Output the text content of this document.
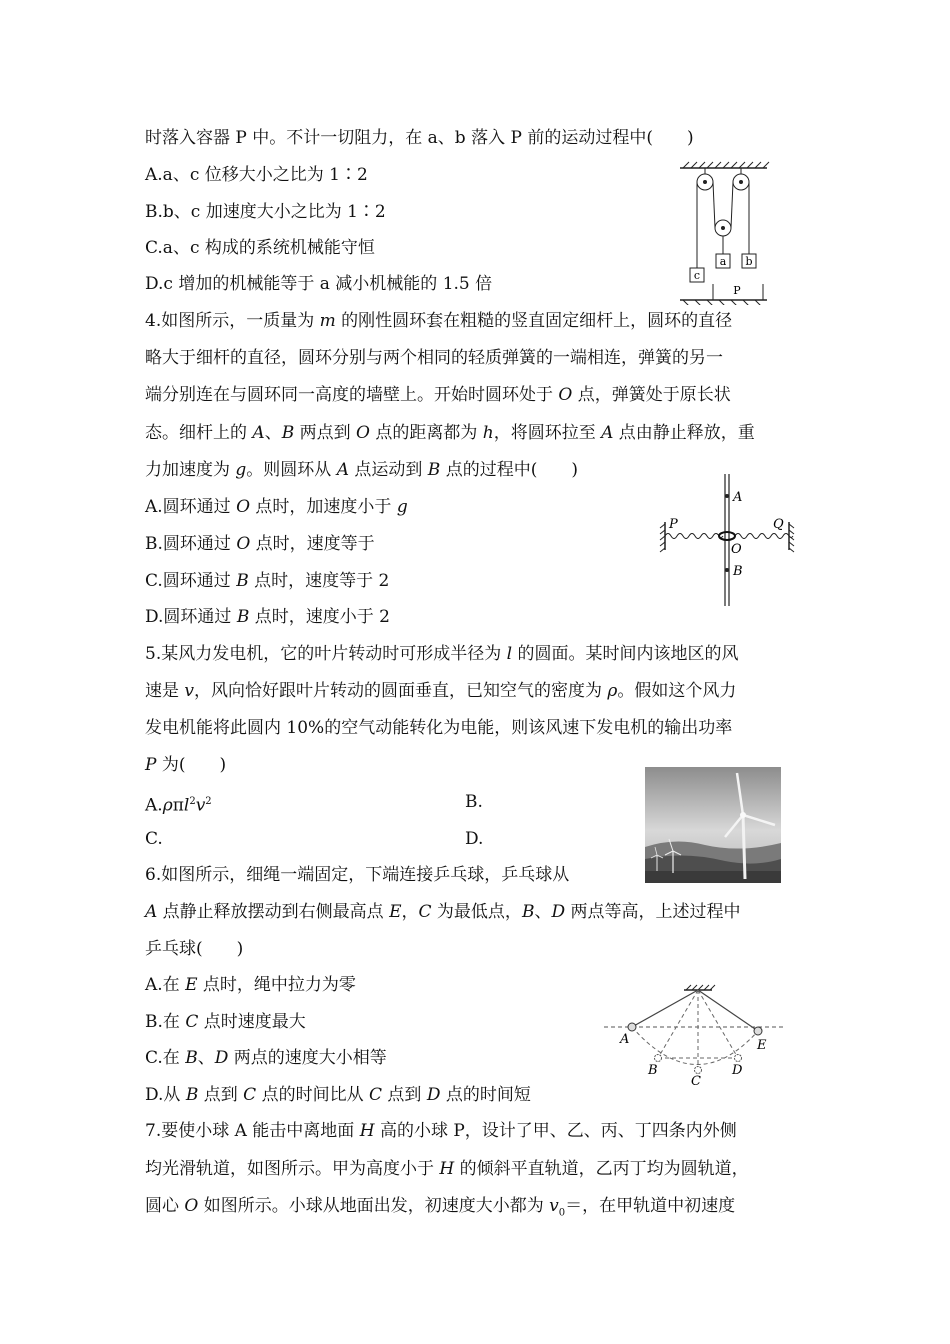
时落入容器 P 中。不计一切阻力，在 a、b 落入 P 前的运动过程中(　　)
A.a、c 位移大小之比为 1∶2
B.b、c 加速度大小之比为 1∶2
C.a、c 构成的系统机械能守恒
D.c 增加的机械能等于 a 减小机械能的 1.5 倍	c
a b
P
4.如图所示，一质量为 m 的刚性圆环套在粗糙的竖直固定细杆上，圆环的直径
略大于细杆的直径，圆环分别与两个相同的轻质弹簧的一端相连，弹簧的另一
端分别连在与圆环同一高度的墙壁上。开始时圆环处于 O 点，弹簧处于原长状
态。细杆上的 A、B 两点到 O 点的距离都为 h，将圆环拉至 A 点由静止释放，重
力加速度为 g。则圆环从 A 点运动到 B 点的过程中(　　)
A.圆环通过 O 点时，加速度小于 g
B.圆环通过 O 点时，速度等于
C.圆环通过 B 点时，速度等于 2
D.圆环通过 B 点时，速度小于 2
A
O
B
P	Q
5.某风力发电机，它的叶片转动时可形成半径为 l 的圆面。某时间内该地区的风
速是 v，风向恰好跟叶片转动的圆面垂直，已知空气的密度为 ρ。假如这个风力
发电机能将此圆内 10%的空气动能转化为电能，则该风速下发电机的输出功率
P 为(　　)
$A.\rho\pi l^2v^2$	B.
C.	D.
6.如图所示，细绳一端固定，下端连接乒乓球，乒乓球从
A 点静止释放摆动到右侧最高点 E，C 为最低点，B、D 两点等高，上述过程中
乒乓球(　　)
A.在 E 点时，绳中拉力为零
B.在 C 点时速度最大
C.在 B、D 两点的速度大小相等
D.从 B 点到 C 点的时间比从 C 点到 D 点的时间短
A
B
C
D
E
7.要使小球 A 能击中离地面 H 高的小球 P，设计了甲、乙、丙、丁四条内外侧
均光滑轨道，如图所示。甲为高度小于 H 的倾斜平直轨道，乙丙丁均为圆轨道，
圆心 O 如图所示。小球从地面出发，初速度大小都为 $v_0=$，在甲轨道中初速度
